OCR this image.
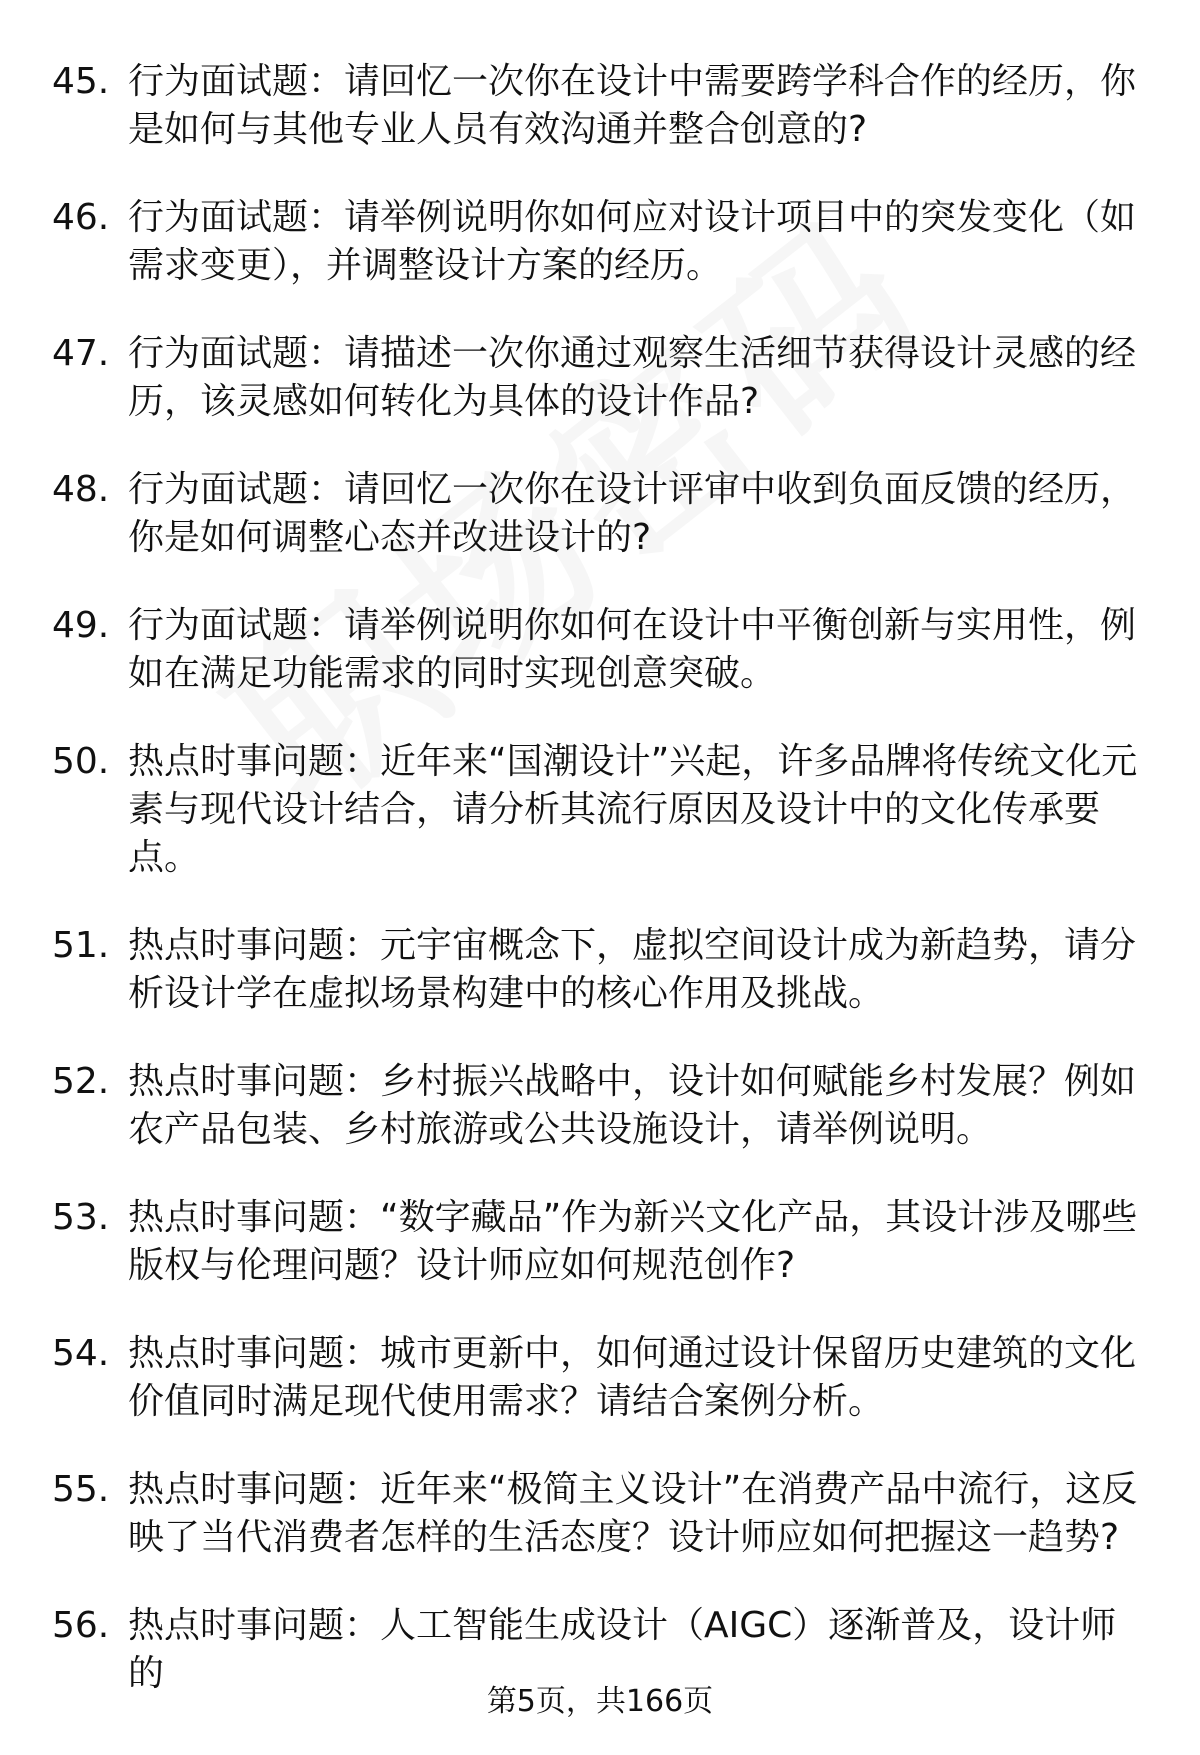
45. 行为面试题：请回忆一次你在设计中需要跨学科合作的经历，你是如何与其他专业人员有效沟通并整合创意的?
46. 行为面试题：请举例说明你如何应对设计项目中的突发变化（如需求变更），并调整设计方案的经历。
47. 行为面试题：请描述一次你通过观察生活细节获得设计灵感的经历，该灵感如何转化为具体的设计作品?
48. 行为面试题：请回忆一次你在设计评审中收到负面反馈的经历，你是如何调整心态并改进设计的?
49. 行为面试题：请举例说明你如何在设计中平衡创新与实用性，例如在满足功能需求的同时实现创意突破。
50. 热点时事问题：近年来“国潮设计”兴起，许多品牌将传统文化元素与现代设计结合，请分析其流行原因及设计中的文化传承要点。
51. 热点时事问题：元宇宙概念下，虚拟空间设计成为新趋势，请分析设计学在虚拟场景构建中的核心作用及挑战。
52. 热点时事问题：乡村振兴战略中，设计如何赋能乡村发展？例如农产品包装、乡村旅游或公共设施设计，请举例说明。
53. 热点时事问题：“数字藏品”作为新兴文化产品，其设计涉及哪些版权与伦理问题？设计师应如何规范创作?
54. 热点时事问题：城市更新中，如何通过设计保留历史建筑的文化价值同时满足现代使用需求？请结合案例分析。
55. 热点时事问题：近年来“极简主义设计”在消费产品中流行，这反映了当代消费者怎样的生活态度？设计师应如何把握这一趋势?
56. 热点时事问题：人工智能生成设计（AIGC）逐渐普及，设计师的
第5页，共166页
